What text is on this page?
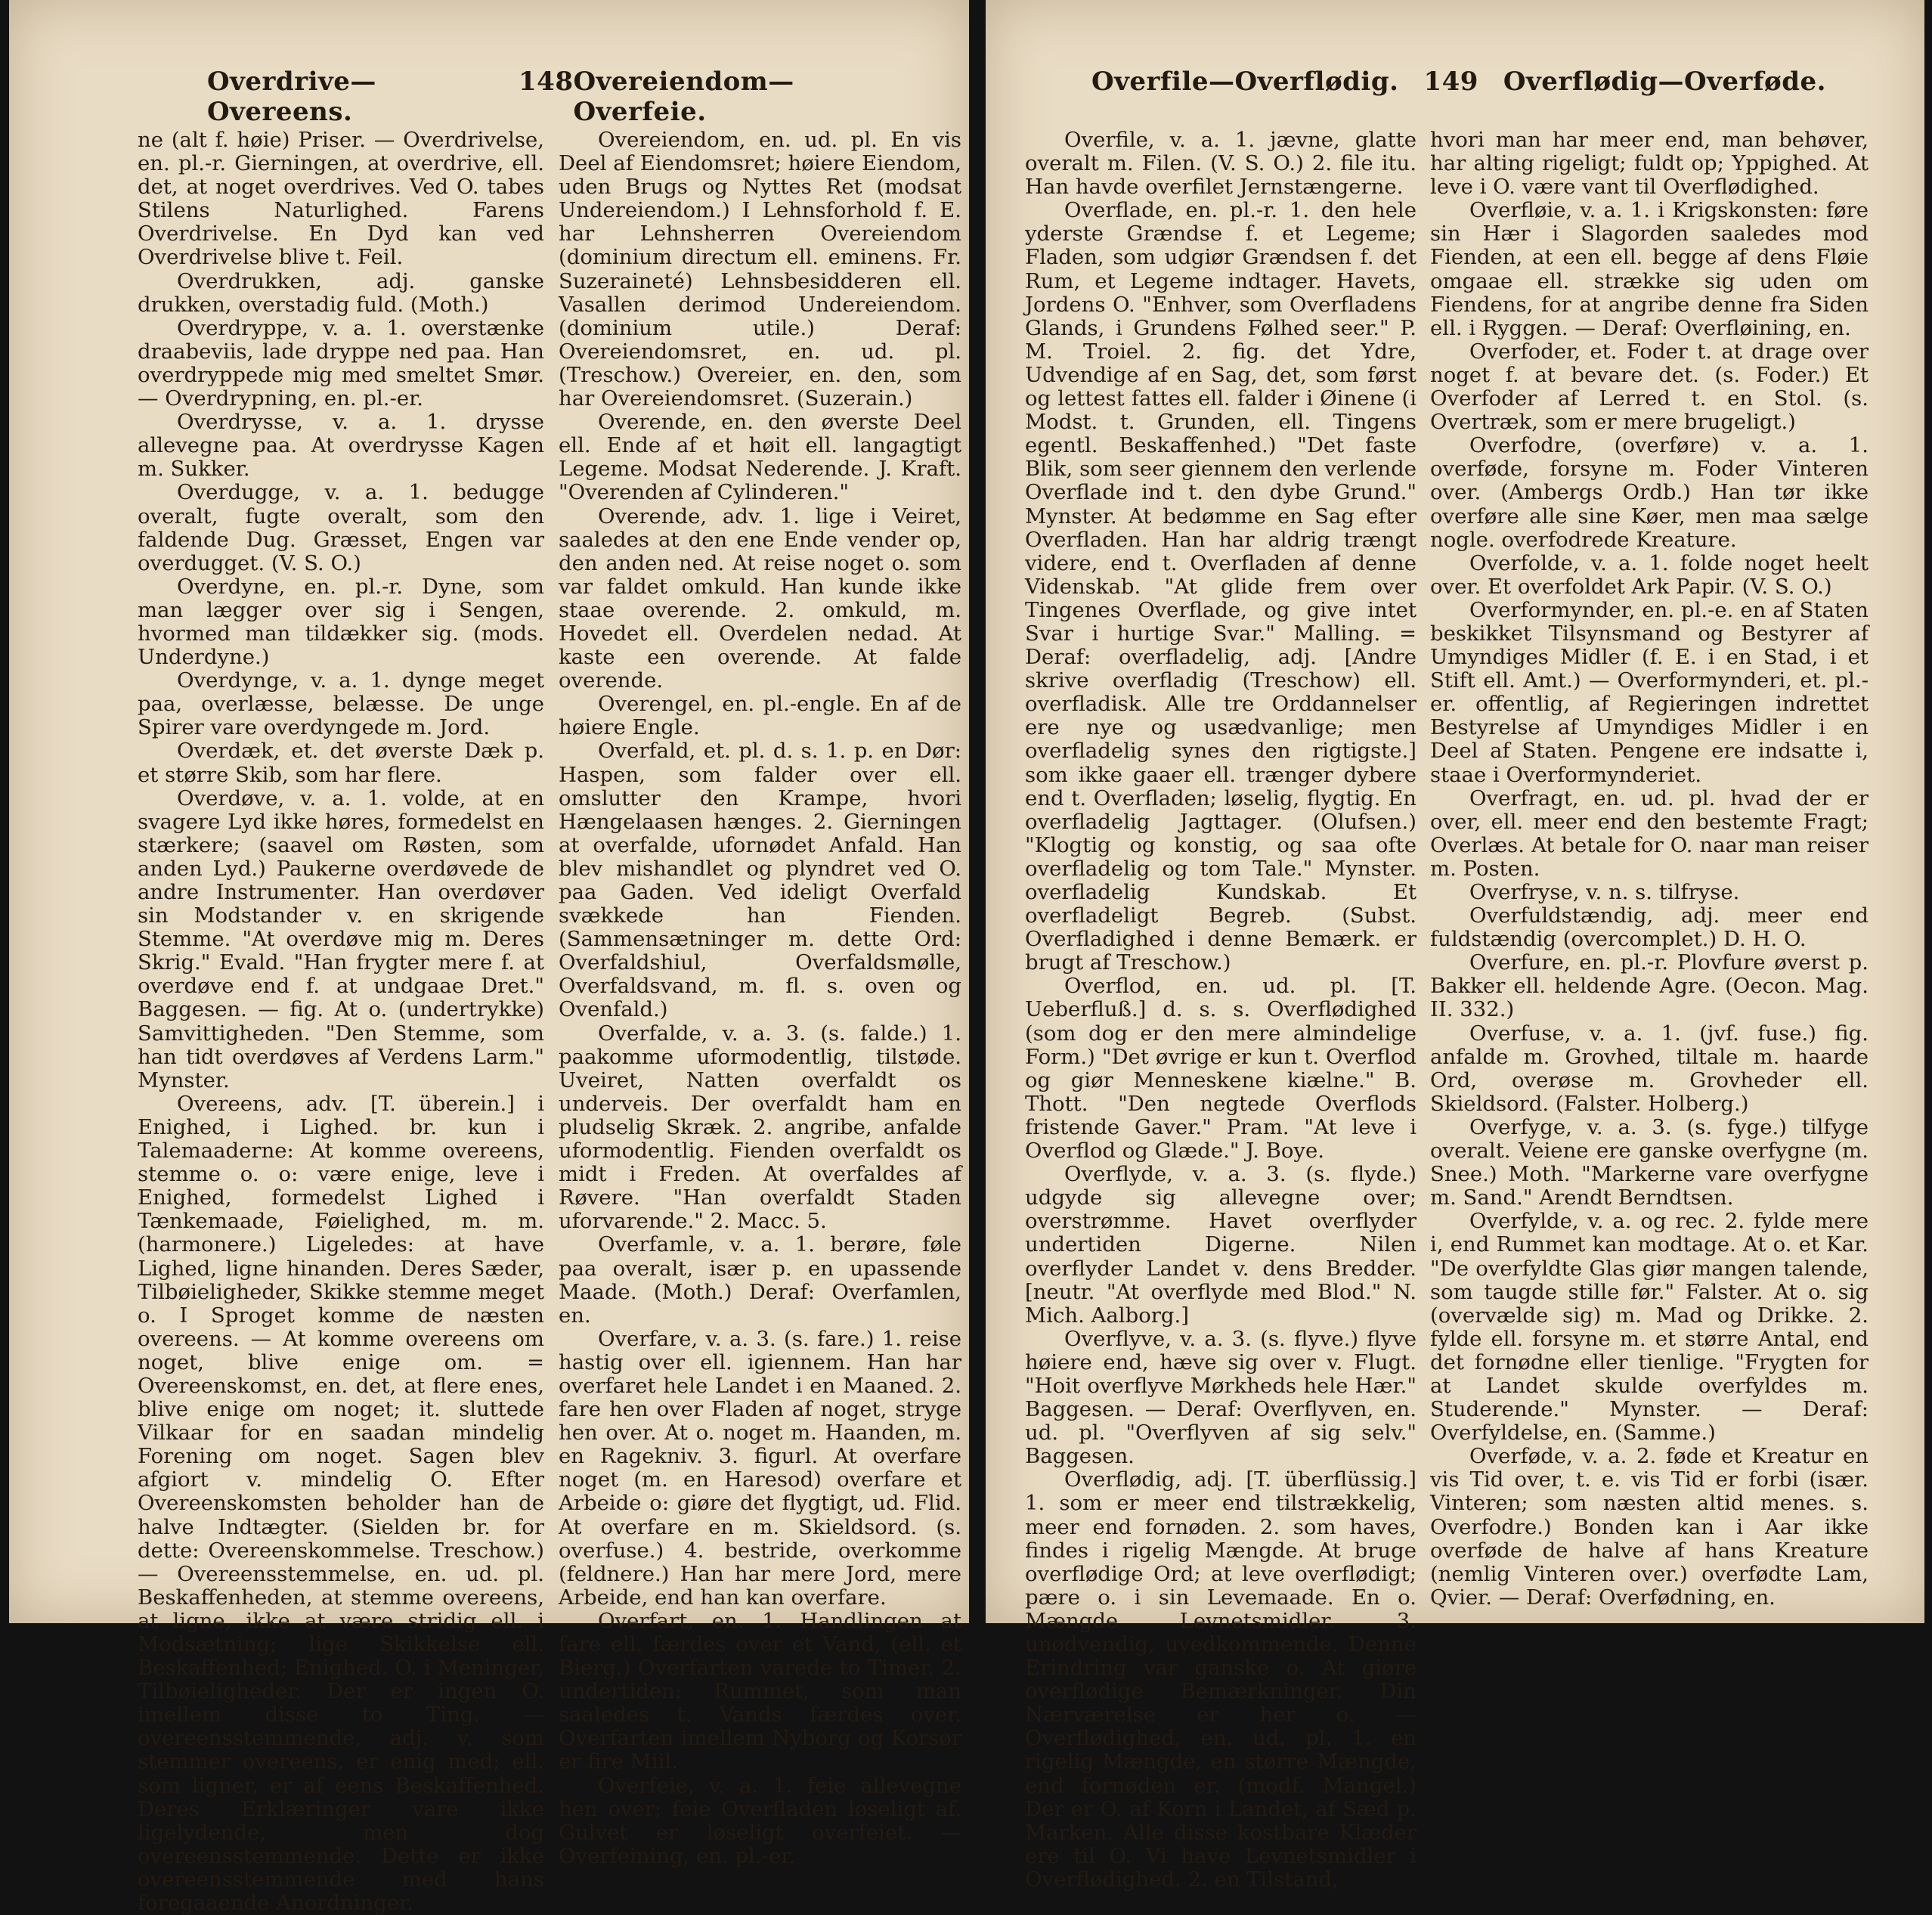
Overdrive—Overeens.
148 Overeiendom—Overfeie.

ne (alt f. høie) Priser. — Overdrivelse, en. pl.-r. Gierningen, at overdrive, ell. det, at noget overdrives. Ved O. tabes Stilens Naturlighed. Farens Overdrivelse. En Dyd kan ved Overdrivelse blive t. Feil.

Overdrukken, adj. ganske drukken, overstadig fuld. (Moth.)

Overdryppe, v. a. 1. overstænke draabeviis, lade dryppe ned paa. Han overdryppede mig med smeltet Smør. — Overdrypning, en. pl.-er.

Overdrysse, v. a. 1. drysse allevegne paa. At overdrysse Kagen m. Sukker.

Overdugge, v. a. 1. bedugge overalt, fugte overalt, som den faldende Dug. Græsset, Engen var overdugget. (V. S. O.)

Overdyne, en. pl.-r. Dyne, som man lægger over sig i Sengen, hvormed man tildækker sig. (mods. Underdyne.)

Overdynge, v. a. 1. dynge meget paa, overlæsse, belæsse. De unge Spirer vare overdyngede m. Jord.

Overdæk, et. det øverste Dæk p. et større Skib, som har flere.

Overdøve, v. a. 1. volde, at en svagere Lyd ikke høres, formedelst en stærkere; (saavel om Røsten, som anden Lyd.) Paukerne overdøvede de andre Instrumenter. Han overdøver sin Modstander v. en skrigende Stemme. "At overdøve mig m. Deres Skrig." Evald. "Han frygter mere f. at overdøve end f. at undgaae Dret." Baggesen. — fig. At o. (undertrykke) Samvittigheden. "Den Stemme, som han tidt overdøves af Verdens Larm." Mynster.

Overeens, adv. [T. überein.] i Enighed, i Lighed. br. kun i Talemaaderne: At komme overeens, stemme o. o: være enige, leve i Enighed, formedelst Lighed i Tænkemaade, Føielighed, m. m. (harmonere.) Ligeledes: at have Lighed, ligne hinanden. Deres Sæder, Tilbøieligheder, Skikke stemme meget o. I Sproget komme de næsten overeens. — At komme overeens om noget, blive enige om. = Overeenskomst, en. det, at flere enes, blive enige om noget; it. sluttede Vilkaar for en saadan mindelig Forening om noget. Sagen blev afgiort v. mindelig O. Efter Overeenskomsten beholder han de halve Indtægter. (Sielden br. for dette: Overeenskommelse. Treschow.) — Overeensstemmelse, en. ud. pl. Beskaffenheden, at stemme overeens, at ligne, ikke at være stridig ell. i Modsætning; lige Skikkelse ell. Beskaffenhed; Enighed. O. i Meninger, Tilbøieligheder. Der er ingen O. imellem disse to Ting. — overeensstemmende, adj. v. som stemmer overeens, er enig med; ell. som ligner, er af eens Beskaffenhed. Deres Erklæringer vare ikke ligelydende, men dog overeensstemmende. Dette er ikke overeensstemmende med hans foregaaende Anordninger.

Overeiendom, en. ud. pl. En vis Deel af Eiendomsret; høiere Eiendom, uden Brugs og Nyttes Ret (modsat Undereiendom.) I Lehnsforhold f. E. har Lehnsherren Overeiendom (dominium directum ell. eminens. Fr. Suzeraineté) Lehnsbesidderen ell. Vasallen derimod Undereiendom. (dominium utile.) Deraf: Overeiendomsret, en. ud. pl. (Treschow.) Overeier, en. den, som har Overeiendomsret. (Suzerain.)

Overende, en. den øverste Deel ell. Ende af et høit ell. langagtigt Legeme. Modsat Nederende. J. Kraft. "Overenden af Cylinderen."

Overende, adv. 1. lige i Veiret, saaledes at den ene Ende vender op, den anden ned. At reise noget o. som var faldet omkuld. Han kunde ikke staae overende. 2. omkuld, m. Hovedet ell. Overdelen nedad. At kaste een overende. At falde overende.

Overengel, en. pl.-engle. En af de høiere Engle.

Overfald, et. pl. d. s. 1. p. en Dør: Haspen, som falder over ell. omslutter den Krampe, hvori Hængelaasen hænges. 2. Gierningen at overfalde, ufornødet Anfald. Han blev mishandlet og plyndret ved O. paa Gaden. Ved ideligt Overfald svækkede han Fienden. (Sammensætninger m. dette Ord: Overfaldshiul, Overfaldsmølle, Overfaldsvand, m. fl. s. oven og Ovenfald.)

Overfalde, v. a. 3. (s. falde.) 1. paakomme uformodentlig, tilstøde. Uveiret, Natten overfaldt os underveis. Der overfaldt ham en pludselig Skræk. 2. angribe, anfalde uformodentlig. Fienden overfaldt os midt i Freden. At overfaldes af Røvere. "Han overfaldt Staden uforvarende." 2. Macc. 5.

Overfamle, v. a. 1. berøre, føle paa overalt, især p. en upassende Maade. (Moth.) Deraf: Overfamlen, en.

Overfare, v. a. 3. (s. fare.) 1. reise hastig over ell. igiennem. Han har overfaret hele Landet i en Maaned. 2. fare hen over Fladen af noget, stryge hen over. At o. noget m. Haanden, m. en Ragekniv. 3. figurl. At overfare noget (m. en Haresod) overfare et Arbeide o: giøre det flygtigt, ud. Flid. At overfare en m. Skieldsord. (s. overfuse.) 4. bestride, overkomme (feldnere.) Han har mere Jord, mere Arbeide, end han kan overfare.

Overfart, en. 1. Handlingen at fare ell. færdes over et Vand, (ell. et Bierg.) Overfarten varede to Timer. 2. undertiden: Rummet, som man saaledes t. Vands færdes over. Overfarten imellem Nyborg og Korsør er fire Miil.

Overfeie, v. a. 1. feie allevegne hen over; feie Overfladen løseligt af. Gulvet er løseligt overfeiet. — Overfeining, en. pl.-er.

Overfile—Overflødig. 149 Overflødig—Overføde.

Overfile, v. a. 1. jævne, glatte overalt m. Filen. (V. S. O.) 2. file itu. Han havde overfilet Jernstængerne.

Overflade, en. pl.-r. 1. den hele yderste Grændse f. et Legeme; Fladen, som udgiør Grændsen f. det Rum, et Legeme indtager. Havets, Jordens O. "Enhver, som Overfladens Glands, i Grundens Følhed seer." P. M. Troiel. 2. fig. det Ydre, Udvendige af en Sag, det, som først og lettest fattes ell. falder i Øinene (i Modst. t. Grunden, ell. Tingens egentl. Beskaffenhed.) "Det faste Blik, som seer giennem den verlende Overflade ind t. den dybe Grund." Mynster. At bedømme en Sag efter Overfladen. Han har aldrig trængt videre, end t. Overfladen af denne Videnskab. "At glide frem over Tingenes Overflade, og give intet Svar i hurtige Svar." Malling. = Deraf: overfladelig, adj. [Andre skrive overfladig (Treschow) ell. overfladisk. Alle tre Orddannelser ere nye og usædvanlige; men overfladelig synes den rigtigste.] som ikke gaaer ell. trænger dybere end t. Overfladen; løselig, flygtig. En overfladelig Jagttager. (Olufsen.) "Klogtig og konstig, og saa ofte overfladelig og tom Tale." Mynster. overfladelig Kundskab. Et overfladeligt Begreb. (Subst. Overfladighed i denne Bemærk. er brugt af Treschow.)

Overflod, en. ud. pl. [T. Ueberfluß.] d. s. s. Overflødighed (som dog er den mere almindelige Form.) "Det øvrige er kun t. Overflod og giør Menneskene kiælne." B. Thott. "Den negtede Overflods fristende Gaver." Pram. "At leve i Overflod og Glæde." J. Boye.

Overflyde, v. a. 3. (s. flyde.) udgyde sig allevegne over; overstrømme. Havet overflyder undertiden Digerne. Nilen overflyder Landet v. dens Bredder. [neutr. "At overflyde med Blod." N. Mich. Aalborg.]

Overflyve, v. a. 3. (s. flyve.) flyve høiere end, hæve sig over v. Flugt. "Hoit overflyve Mørkheds hele Hær." Baggesen. — Deraf: Overflyven, en. ud. pl. "Overflyven af sig selv." Baggesen.

Overflødig, adj. [T. überflüssig.] 1. som er meer end tilstrækkelig, meer end fornøden. 2. som haves, findes i rigelig Mængde. At bruge overflødige Ord; at leve overflødigt; pære o. i sin Levemaade. En o. Mængde Levnetsmidler. 3. unødvendig, uvedkommende. Denne Erindring var ganske o. At giøre overflødige Bemærkninger. Din Nærværelse er her o. — Overflødighed, en. ud. pl. 1. en rigelig Mængde, en større Mængde, end fornøden er. (modf. Mangel.) Der er O. af Korn i Landet, af Sæd p. Marken. Alle disse kostbare Klæder ere til O. Vi have Levnetsmidler i Overflødighed. 2. en Tilstand,

hvori man har meer end, man behøver, har alting rigeligt; fuldt op; Yppighed. At leve i O. være vant til Overflødighed.

Overfløie, v. a. 1. i Krigskonsten: føre sin Hær i Slagorden saaledes mod Fienden, at een ell. begge af dens Fløie omgaae ell. strække sig uden om Fiendens, for at angribe denne fra Siden ell. i Ryggen. — Deraf: Overfløining, en.

Overfoder, et. Foder t. at drage over noget f. at bevare det. (s. Foder.) Et Overfoder af Lerred t. en Stol. (s. Overtræk, som er mere brugeligt.)

Overfodre, (overføre) v. a. 1. overføde, forsyne m. Foder Vinteren over. (Ambergs Ordb.) Han tør ikke overføre alle sine Køer, men maa sælge nogle. overfodrede Kreature.

Overfolde, v. a. 1. folde noget heelt over. Et overfoldet Ark Papir. (V. S. O.)

Overformynder, en. pl.-e. en af Staten beskikket Tilsynsmand og Bestyrer af Umyndiges Midler (f. E. i en Stad, i et Stift ell. Amt.) — Overformynderi, et. pl.-er. offentlig, af Regieringen indrettet Bestyrelse af Umyndiges Midler i en Deel af Staten. Pengene ere indsatte i, staae i Overformynderiet.

Overfragt, en. ud. pl. hvad der er over, ell. meer end den bestemte Fragt; Overlæs. At betale for O. naar man reiser m. Posten.

Overfryse, v. n. s. tilfryse.

Overfuldstændig, adj. meer end fuldstændig (overcomplet.) D. H. O.

Overfure, en. pl.-r. Plovfure øverst p. Bakker ell. heldende Agre. (Oecon. Mag. II. 332.)

Overfuse, v. a. 1. (jvf. fuse.) fig. anfalde m. Grovhed, tiltale m. haarde Ord, overøse m. Grovheder ell. Skieldsord. (Falster. Holberg.)

Overfyge, v. a. 3. (s. fyge.) tilfyge overalt. Veiene ere ganske overfygne (m. Snee.) Moth. "Markerne vare overfygne m. Sand." Arendt Berndtsen.

Overfylde, v. a. og rec. 2. fylde mere i, end Rummet kan modtage. At o. et Kar. "De overfyldte Glas giør mangen talende, som taugde stille før." Falster. At o. sig (overvælde sig) m. Mad og Drikke. 2. fylde ell. forsyne m. et større Antal, end det fornødne eller tienlige. "Frygten for at Landet skulde overfyldes m. Studerende." Mynster. — Deraf: Overfyldelse, en. (Samme.)

Overføde, v. a. 2. føde et Kreatur en vis Tid over, t. e. vis Tid er forbi (især. Vinteren; som næsten altid menes. s. Overfodre.) Bonden kan i Aar ikke overføde de halve af hans Kreature (nemlig Vinteren over.) overfødte Lam, Qvier. — Deraf: Overfødning, en.
